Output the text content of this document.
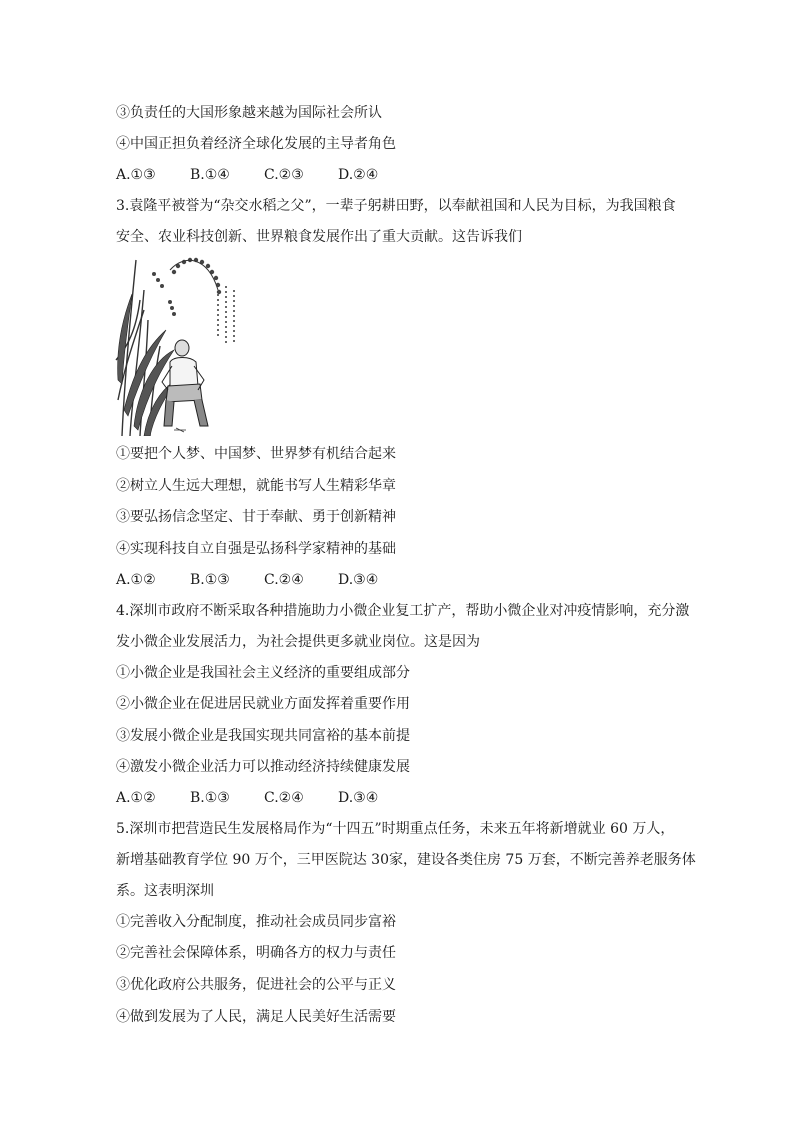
③负责任的大国形象越来越为国际社会所认
④中国正担负着经济全球化发展的主导者角色
A.①③ B.①④ C.②③ D.②④
3.袁隆平被誉为“杂交水稻之父”，一辈子躬耕田野，以奉献祖国和人民为目标，为我国粮食
安全、农业科技创新、世界粮食发展作出了重大贡献。这告诉我们
①要把个人梦、中国梦、世界梦有机结合起来
②树立人生远大理想，就能书写人生精彩华章
③要弘扬信念坚定、甘于奉献、勇于创新精神
④实现科技自立自强是弘扬科学家精神的基础
A.①② B.①③ C.②④ D.③④
4.深圳市政府不断采取各种措施助力小微企业复工扩产，帮助小微企业对冲疫情影响，充分激
发小微企业发展活力，为社会提供更多就业岗位。这是因为
①小微企业是我国社会主义经济的重要组成部分
②小微企业在促进居民就业方面发挥着重要作用
③发展小微企业是我国实现共同富裕的基本前提
④激发小微企业活力可以推动经济持续健康发展
A.①② B.①③ C.②④ D.③④
5.深圳市把营造民生发展格局作为“十四五”时期重点任务，未来五年将新增就业 60 万人，
新增基础教育学位 90 万个，三甲医院达 30家，建设各类住房 75 万套，不断完善养老服务体
系。这表明深圳
①完善收入分配制度，推动社会成员同步富裕
②完善社会保障体系，明确各方的权力与责任
③优化政府公共服务，促进社会的公平与正义
④做到发展为了人民，满足人民美好生活需要
